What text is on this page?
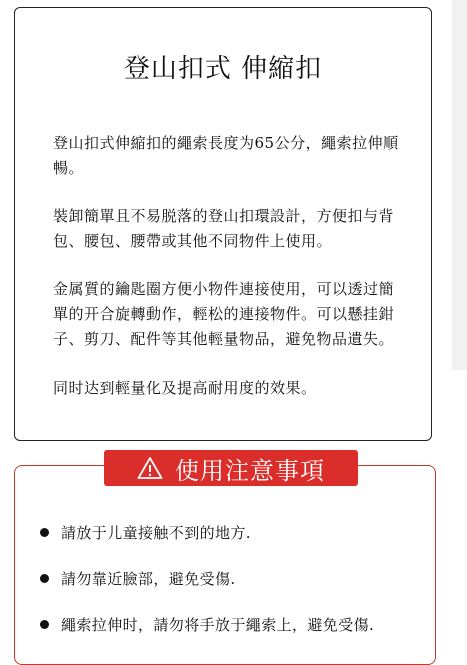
登山扣式 伸縮扣
登山扣式伸縮扣的繩索長度为65公分，繩索拉伸順暢。
裝卸簡單且不易脱落的登山扣環設計，方便扣与背包、腰包、腰帶或其他不同物件上使用。
金属質的鑰匙圈方便小物件連接使用，可以透过簡單的开合旋轉動作，輕松的連接物件。可以懸挂鉗子、剪刀、配件等其他輕量物品，避免物品遺失。
同时达到輕量化及提高耐用度的效果。
使用注意事項
請放于儿童接触不到的地方.
請勿靠近臉部，避免受傷.
繩索拉伸时，請勿将手放于繩索上，避免受傷.
